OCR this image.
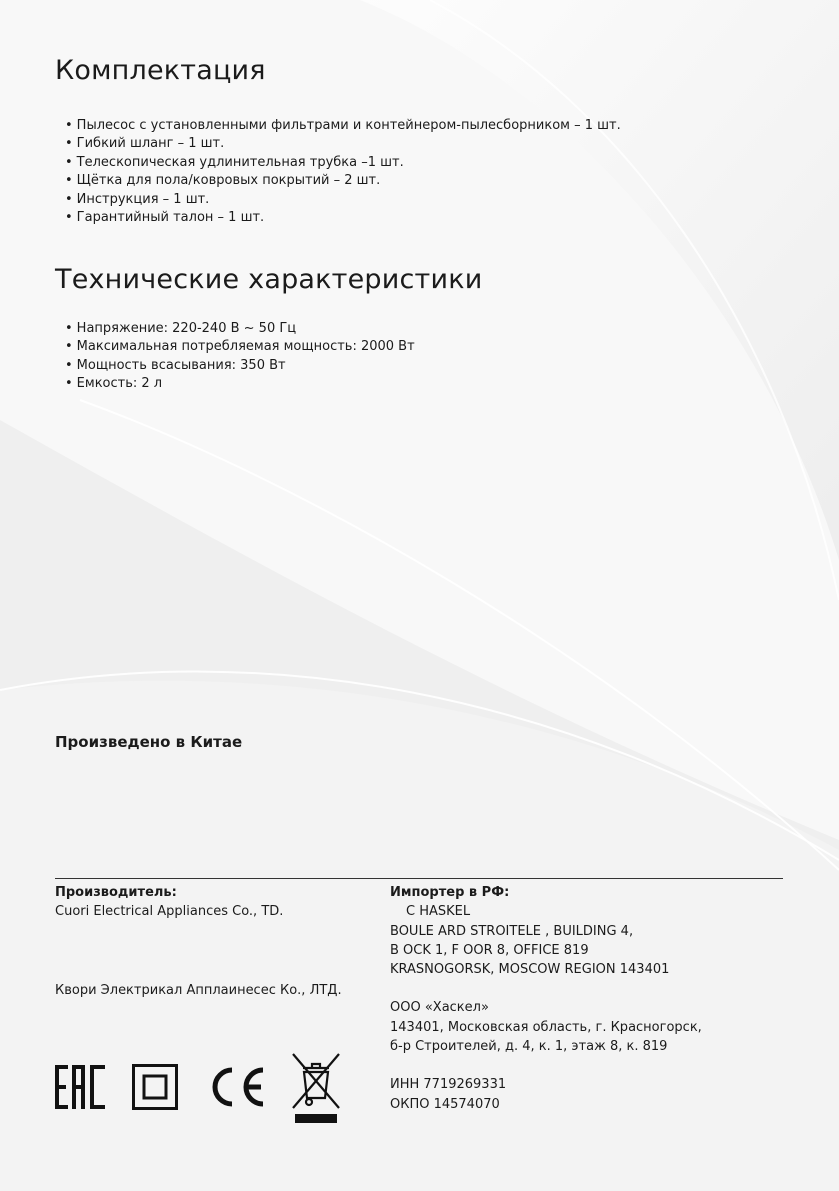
Комплектация
• Пылесос с установленными фильтрами и контейнером-пылесборником – 1 шт.
• Гибкий шланг – 1 шт.
• Телескопическая удлинительная трубка –1 шт.
• Щётка для пола/ковровых покрытий – 2 шт.
• Инструкция – 1 шт.
• Гарантийный талон – 1 шт.
Технические характеристики
• Напряжение: 220-240 В ~ 50 Гц
• Максимальная потребляемая мощность: 2000 Вт
• Мощность всасывания: 350 Вт
• Емкость: 2 л
Произведено в Китае
Производитель:
Cuori Electrical Appliances Co., TD.
Квори Электрикал Апплаинесес Ко., ЛТД.
Импортер в РФ:
C HASKEL
BOULE ARD STROITELE , BUILDING 4,
B OCK 1, F OOR 8, OFFICE 819
KRASNOGORSK, MOSCOW REGION 143401
ООО «Хаскел»
143401, Московская область, г. Красногорск,
б-р Строителей, д. 4, к. 1, этаж 8, к. 819
ИНН 7719269331
ОКПО 14574070
